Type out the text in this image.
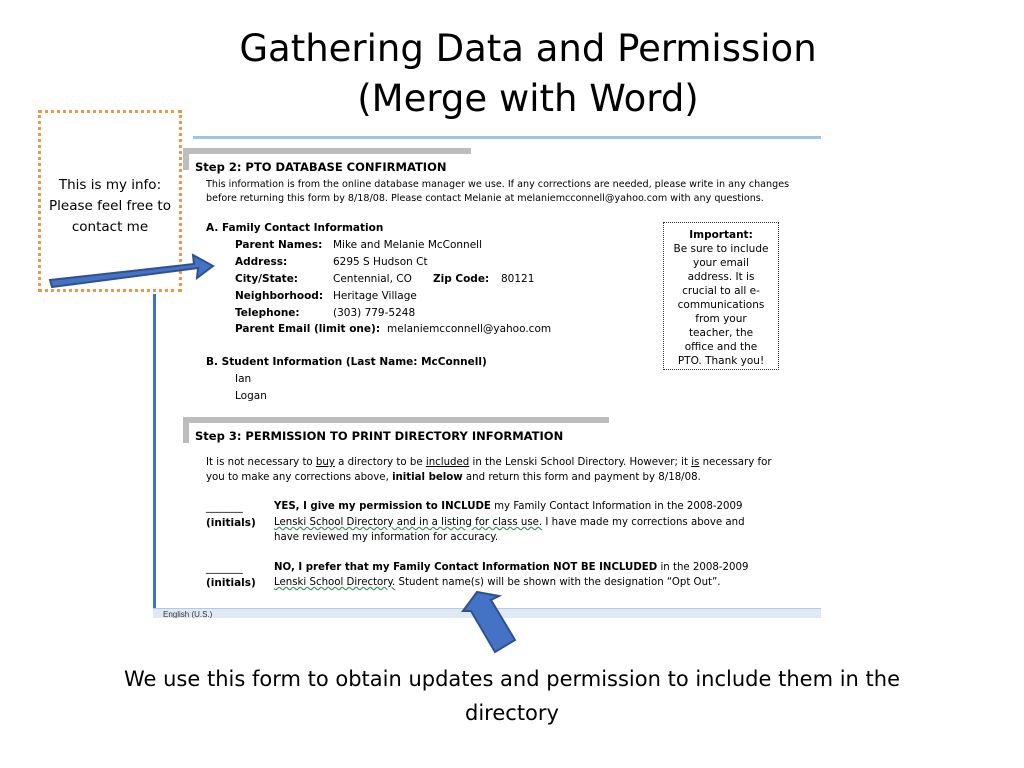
Gathering Data and Permission
(Merge with Word)
Step 2: PTO DATABASE CONFIRMATION
This information is from the online database manager we use. If any corrections are needed, please write in any changes
before returning this form by 8/18/08. Please contact Melanie at melaniemcconnell@yahoo.com with any questions.
A. Family Contact Information
Parent Names: Mike and Melanie McConnell
Address:	6295 S Hudson Ct
City/State:	Centennial, CO Zip Code: 80121
Neighborhood: Heritage Village
Telephone:	(303) 779-5248
Parent Email (limit one): melaniemcconnell@yahoo.com
B. Student Information (Last Name: McConnell)
Ian
Logan
Important:
Be sure to include
your email
address. It is
crucial to all e-
communications
from your
teacher, the
office and the
PTO. Thank you!
Step 3: PERMISSION TO PRINT DIRECTORY INFORMATION
It is not necessary to buy a directory to be included in the Lenski School Directory. However; it is necessary for
you to make any corrections above, initial below and return this form and payment by 8/18/08.
_______
(initials)
YES, I give my permission to INCLUDE my Family Contact Information in the 2008-2009
Lenski School Directory and in a listing for class use. I have made my corrections above and
have reviewed my information for accuracy.
_______
(initials)
NO, I prefer that my Family Contact Information NOT BE INCLUDED in the 2008-2009
Lenski School Directory. Student name(s) will be shown with the designation “Opt Out”.
English (U.S.)
This is my info:
Please feel free to
contact me
We use this form to obtain updates and permission to include them in the
directory
